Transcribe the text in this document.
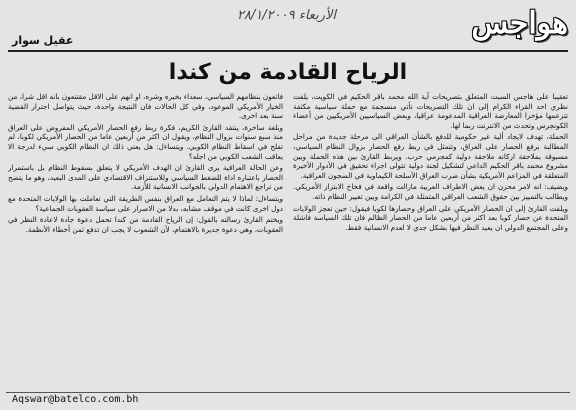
هواجس
الأربعاء ٢٨/١/٢٠٠٩
عقيل سوار
الرياح القادمة من كندا

تعقيبا على هاجس السبت المتعلق بتصريحات آية الله محمد باقر الحكيم في الكويت، يلفت نظري احد القراء الكرام إلى ان تلك التصريحات تأتي منسجمة مع حملة سياسية مكثفة تتزعمها مؤخرا المعارضة العراقية المدعومة عراقيا، وبعض السياسيين الأمريكيين من أعضاء الكونجرس وتحدث من الانترنت ربما لها.

الحملة، تهدف لايجاد ألية غير حكومية للدفع بالشأن العراقي الى مرحلة جديدة من مراحل المطالبة برفع الحصار على العراق، وتتمثل في ربط رفع الحصار بزوال النظام السياسي، مسبوقة بملاحقة اركانه ملاحقة دولية كمجرمي حرب. ويربط القارئ بين هذه الحملة وبين مشروع محمد باقر الحكيم الداعي لتشكيل لجنة دولية تتولى اجراء تحقيق في الأدوار الأخيرة المتعلقة في المزاعم الأمريكية بشأن ضرب العراق الأسلحة الكيماوية في السجون العراقية.

ويضيف: انه لامر محزن ان يعض الاطراف العربية مازالت واقعة في فخاخ الابتزاز الأمريكي. ويطالب بالتمييز بين حقوق الشعب العراقي المتمثلة في الكرامة وبين تغيير النظام ذاته.

ويلفت القارئ إلى ان الحصار الأمريكي على العراق وحصارها لكوبا فيقول: حين تعجز الولايات المتحدة عن حصار كوبا بعد اكثر من أربعين عاما من الحصار الظالم فان تلك السياسة فاشلة وعلى المجتمع الدولي ان يعيد النظر فيها بشكل جدي لا لعدم الانسانية فقط.

فاتعون بنظامهم السياسي، سعداء بخيره وشره، او انهم على الاقل مقتنعون بانه اقل شرا، من الخيار الأمريكي الموعود، وفي كل الحالات فان النتيجة واحدة، حيث يتواصل اجترار القضية سنة بعد اخرى.

وبلغة ساخرة، ينتقد القارئ الكريم، فكرة ربط رفع الحصار الأمريكي المفروض على العراق منذ سبع سنوات بزوال النظام، ويقول ان اكثر من أربعين عاما من الحصار الأمريكي لكوبا، لم تفلح في اسقاط النظام الكوبي. ويتساءل: هل يعني ذلك ان النظام الكوبي سيء لدرجة الا يعاقب الشعب الكوبي من اجله؟

وعن الحالة العراقية يرى القارئ ان الهدف الأمريكي لا يتعلق بسقوط النظام بل باستمرار الحصار باعتباره اداة للضغط السياسي وللاستنزاف الاقتصادي على المدى البعيد، وهو ما يتضح من تراجع الاهتمام الدولي بالجوانب الانسانية للأزمة.

ويتساءل: لماذا لا يتم التعامل مع العراق بنفس الطريقة التي تعاملت بها الولايات المتحدة مع دول اخرى كانت في موقف مشابه، بدلا من الاصرار على سياسة العقوبات الجماعية؟

ويختم القارئ رسالته بالقول: إن الرياح القادمة من كندا تحمل دعوة جادة لاعادة النظر في العقوبات، وهي دعوة جديرة بالاهتمام، لأن الشعوب لا يجب ان تدفع ثمن أخطاء الأنظمة.

Aqswar@batelco.com.bh
